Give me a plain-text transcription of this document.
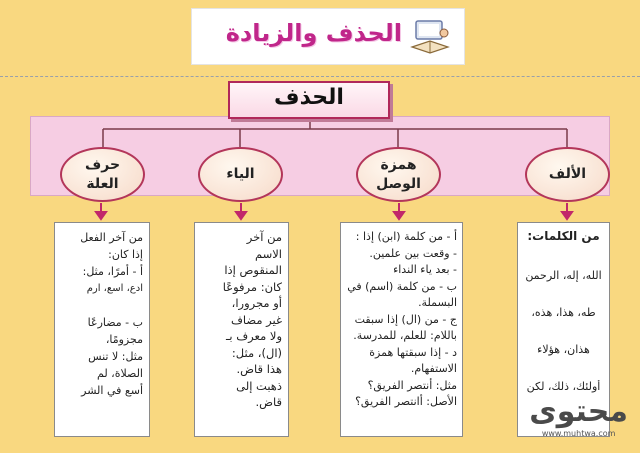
الحذف والزيادة
الحذف
الألف
همزة
الوصل
الياء
حرف
العلة
من الكلمات:
الله، إله، الرحمن
طه، هذا، هذه،
هذان، هؤلاء
أولئك، ذلك، لكن
أ - من كلمة (ابن) إذا :
- وقعت بين علمين.
- بعد ياء النداء
ب - من كلمة (اسم) في
البسملة.
ج - من (ال) إذا سبقت
باللام: للعلم، للمدرسة.
د - إذا سبقتها همزة
الاستفهام.
مثل: أنتصر الفريق؟
الأصل: أانتصر الفريق؟
من آخر
الاسم
المنقوص إذا
كان: مرفوعًا
أو مجرورا،
غير مضاف
ولا معرف بـ
(ال)، مثل:
هذا قاض.
ذهبت إلى
قاض.
من آخر الفعل
إذا كان:
أ - أمرًا، مثل:
ادع، اسع، ارم
ب - مضارعًا
مجزومًا،
مثل: لا تنس
الصلاة، لم
أسع في الشر
محتوى
www.muhtwa.com
